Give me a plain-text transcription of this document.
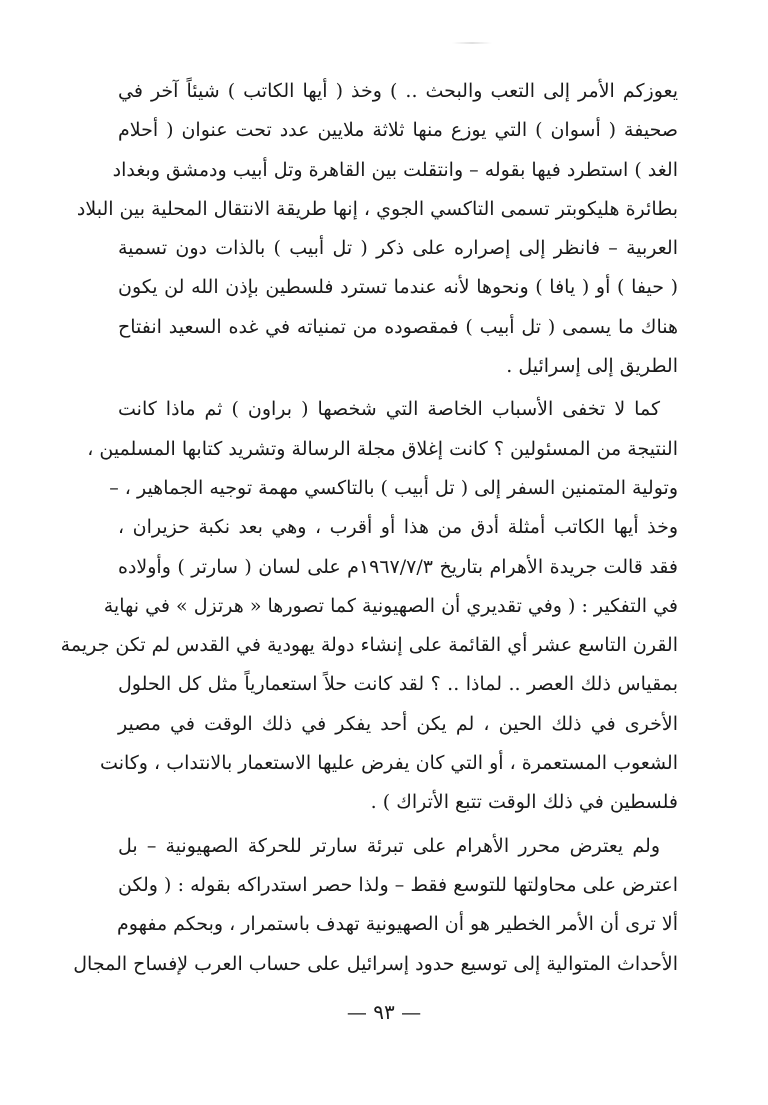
يعوزكم الأمر إلى التعب والبحث .. ) وخذ ( أيها الكاتب ) شيئاً آخر في
صحيفة ( أسوان ) التي يوزع منها ثلاثة ملايين عدد تحت عنوان ( أحلام
الغد ) استطرد فيها بقوله – وانتقلت بين القاهرة وتل أبيب ودمشق وبغداد
بطائرة هليكوبتر تسمى التاكسي الجوي ، إنها طريقة الانتقال المحلية بين البلاد
العربية – فانظر إلى إصراره على ذكر ( تل أبيب ) بالذات دون تسمية
( حيفا ) أو ( يافا ) ونحوها لأنه عندما تسترد فلسطين بإذن الله لن يكون
هناك ما يسمى ( تل أبيب ) فمقصوده من تمنياته في غده السعيد انفتاح
الطريق إلى إسرائيل .
كما لا تخفى الأسباب الخاصة التي شخصها ( براون ) ثم ماذا كانت
النتيجة من المسئولين ؟ كانت إغلاق مجلة الرسالة وتشريد كتابها المسلمين ،
وتولية المتمنين السفر إلى ( تل أبيب ) بالتاكسي مهمة توجيه الجماهير ، –
وخذ أيها الكاتب أمثلة أدق من هذا أو أقرب ، وهي بعد نكبة حزيران ،
فقد قالت جريدة الأهرام بتاريخ ١٩٦٧/٧/٣م على لسان ( سارتر ) وأولاده
في التفكير : ( وفي تقديري أن الصهيونية كما تصورها « هرتزل » في نهاية
القرن التاسع عشر أي القائمة على إنشاء دولة يهودية في القدس لم تكن جريمة
بمقياس ذلك العصر .. لماذا .. ؟ لقد كانت حلاً استعمارياً مثل كل الحلول
الأخرى في ذلك الحين ، لم يكن أحد يفكر في ذلك الوقت في مصير
الشعوب المستعمرة ، أو التي كان يفرض عليها الاستعمار بالانتداب ، وكانت
فلسطين في ذلك الوقت تتبع الأتراك ) .
ولم يعترض محرر الأهرام على تبرئة سارتر للحركة الصهيونية – بل
اعترض على محاولتها للتوسع فقط – ولذا حصر استدراكه بقوله : ( ولكن
ألا ترى أن الأمر الخطير هو أن الصهيونية تهدف باستمرار ، وبحكم مفهوم
الأحداث المتوالية إلى توسيع حدود إسرائيل على حساب العرب لإفساح المجال
— ٩٣ —
